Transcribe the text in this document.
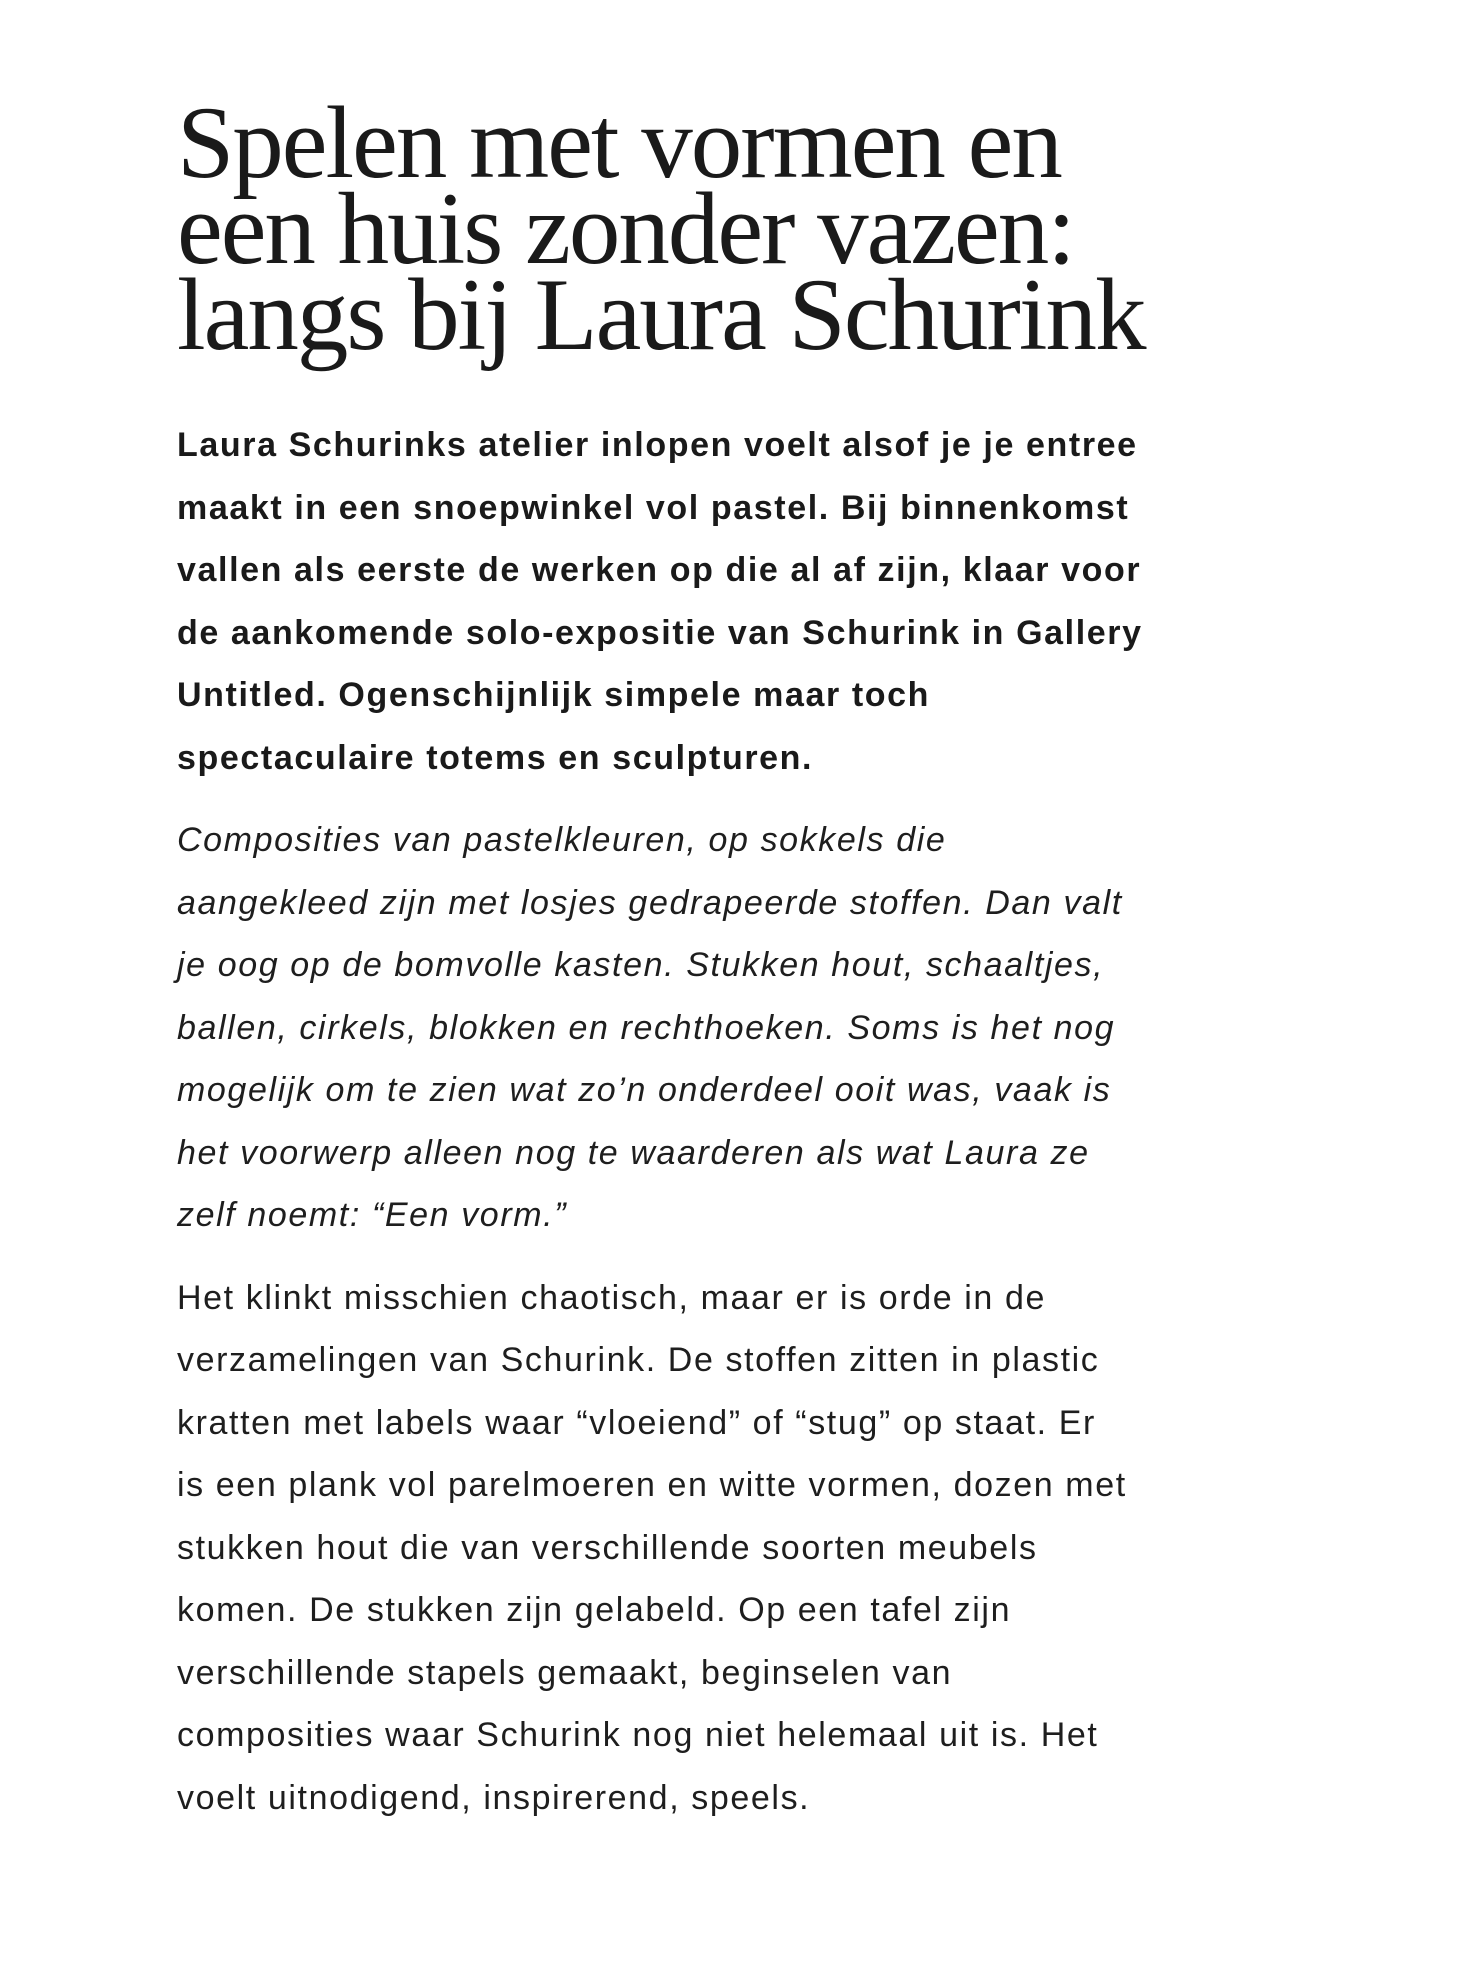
Spelen met vormen en
een huis zonder vazen:
langs bij Laura Schurink

Laura Schurinks atelier inlopen voelt alsof je je entree
maakt in een snoepwinkel vol pastel. Bij binnenkomst
vallen als eerste de werken op die al af zijn, klaar voor
de aankomende solo-expositie van Schurink in Gallery
Untitled. Ogenschijnlijk simpele maar toch
spectaculaire totems en sculpturen.

Composities van pastelkleuren, op sokkels die
aangekleed zijn met losjes gedrapeerde stoffen. Dan valt
je oog op de bomvolle kasten. Stukken hout, schaaltjes,
ballen, cirkels, blokken en rechthoeken. Soms is het nog
mogelijk om te zien wat zo’n onderdeel ooit was, vaak is
het voorwerp alleen nog te waarderen als wat Laura ze
zelf noemt: “Een vorm.”

Het klinkt misschien chaotisch, maar er is orde in de
verzamelingen van Schurink. De stoffen zitten in plastic
kratten met labels waar “vloeiend” of “stug” op staat. Er
is een plank vol parelmoeren en witte vormen, dozen met
stukken hout die van verschillende soorten meubels
komen. De stukken zijn gelabeld. Op een tafel zijn
verschillende stapels gemaakt, beginselen van
composities waar Schurink nog niet helemaal uit is. Het
voelt uitnodigend, inspirerend, speels.
